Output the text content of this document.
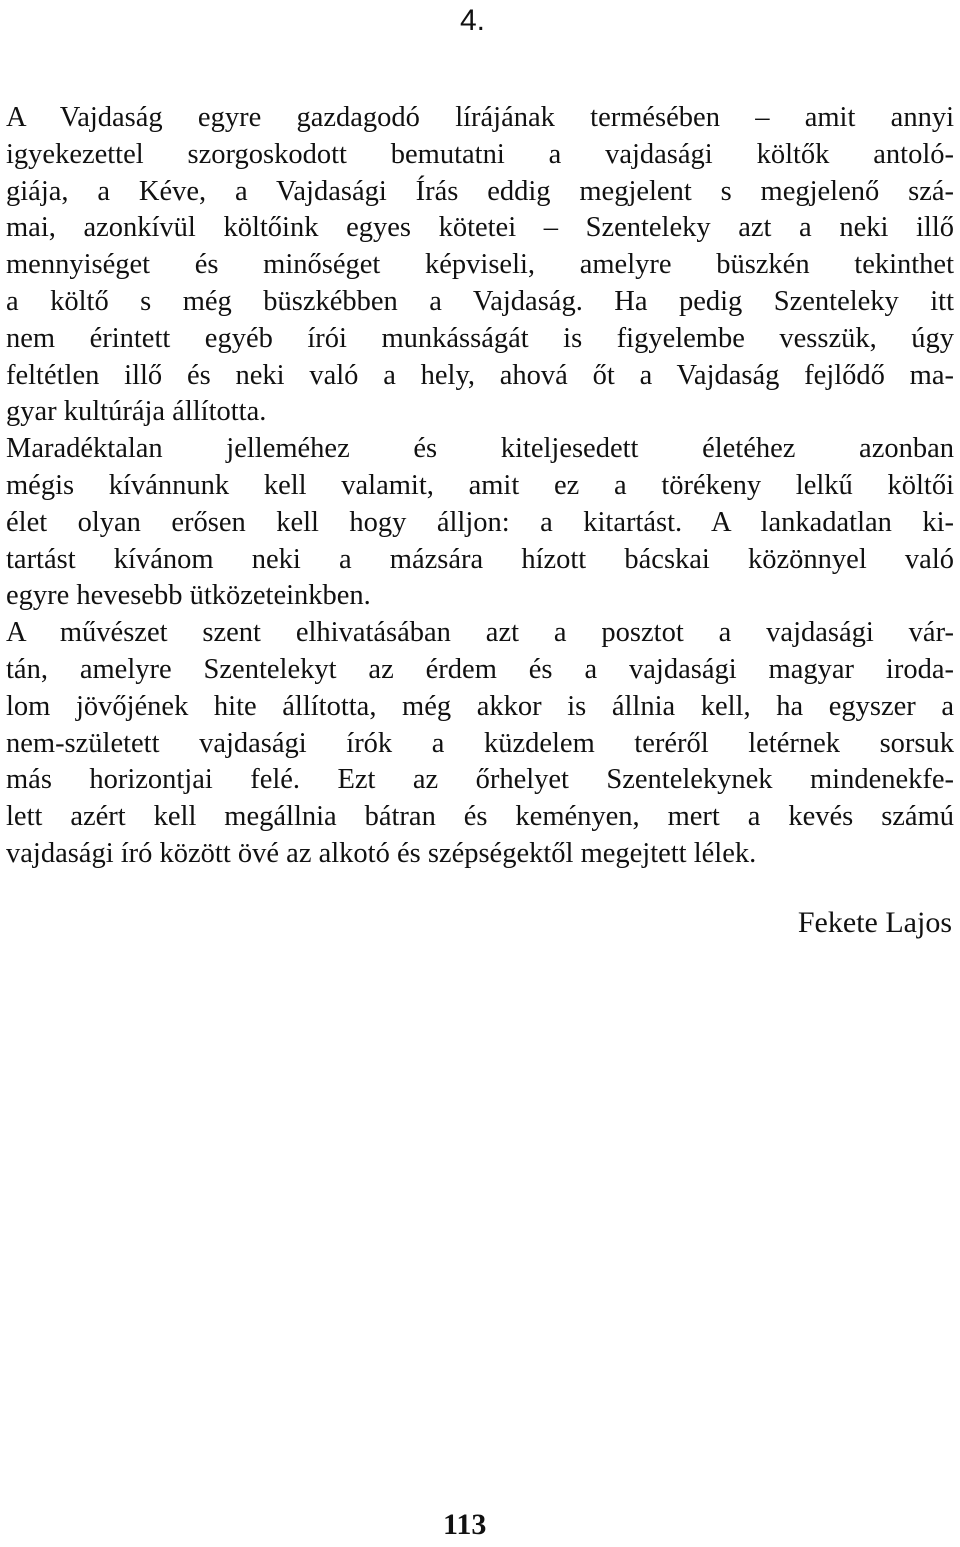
4.
A Vajdaság egyre gazdagodó lírájának termésében – amit annyi
igyekezettel szorgoskodott bemutatni a vajdasági költők antoló-
giája, a Kéve, a Vajdasági Írás eddig megjelent s megjelenő szá-
mai, azonkívül költőink egyes kötetei – Szenteleky azt a neki illő
mennyiséget és minőséget képviseli, amelyre büszkén tekinthet
a költő s még büszkébben a Vajdaság. Ha pedig Szenteleky itt
nem érintett egyéb írói munkásságát is figyelembe vesszük, úgy
feltétlen illő és neki való a hely, ahová őt a Vajdaság fejlődő ma-
gyar kultúrája állította.
Maradéktalan jelleméhez és kiteljesedett életéhez azonban
mégis kívánnunk kell valamit, amit ez a törékeny lelkű költői
élet olyan erősen kell hogy álljon: a kitartást. A lankadatlan ki-
tartást kívánom neki a mázsára hízott bácskai közönnyel való
egyre hevesebb ütközeteinkben.
A művészet szent elhivatásában azt a posztot a vajdasági vár-
tán, amelyre Szentelekyt az érdem és a vajdasági magyar iroda-
lom jövőjének hite állította, még akkor is állnia kell, ha egyszer a
nem-született vajdasági írók a küzdelem teréről letérnek sorsuk
más horizontjai felé. Ezt az őrhelyet Szentelekynek mindenekfe-
lett azért kell megállnia bátran és keményen, mert a kevés számú
vajdasági író között övé az alkotó és szépségektől megejtett lélek.
Fekete Lajos
113
